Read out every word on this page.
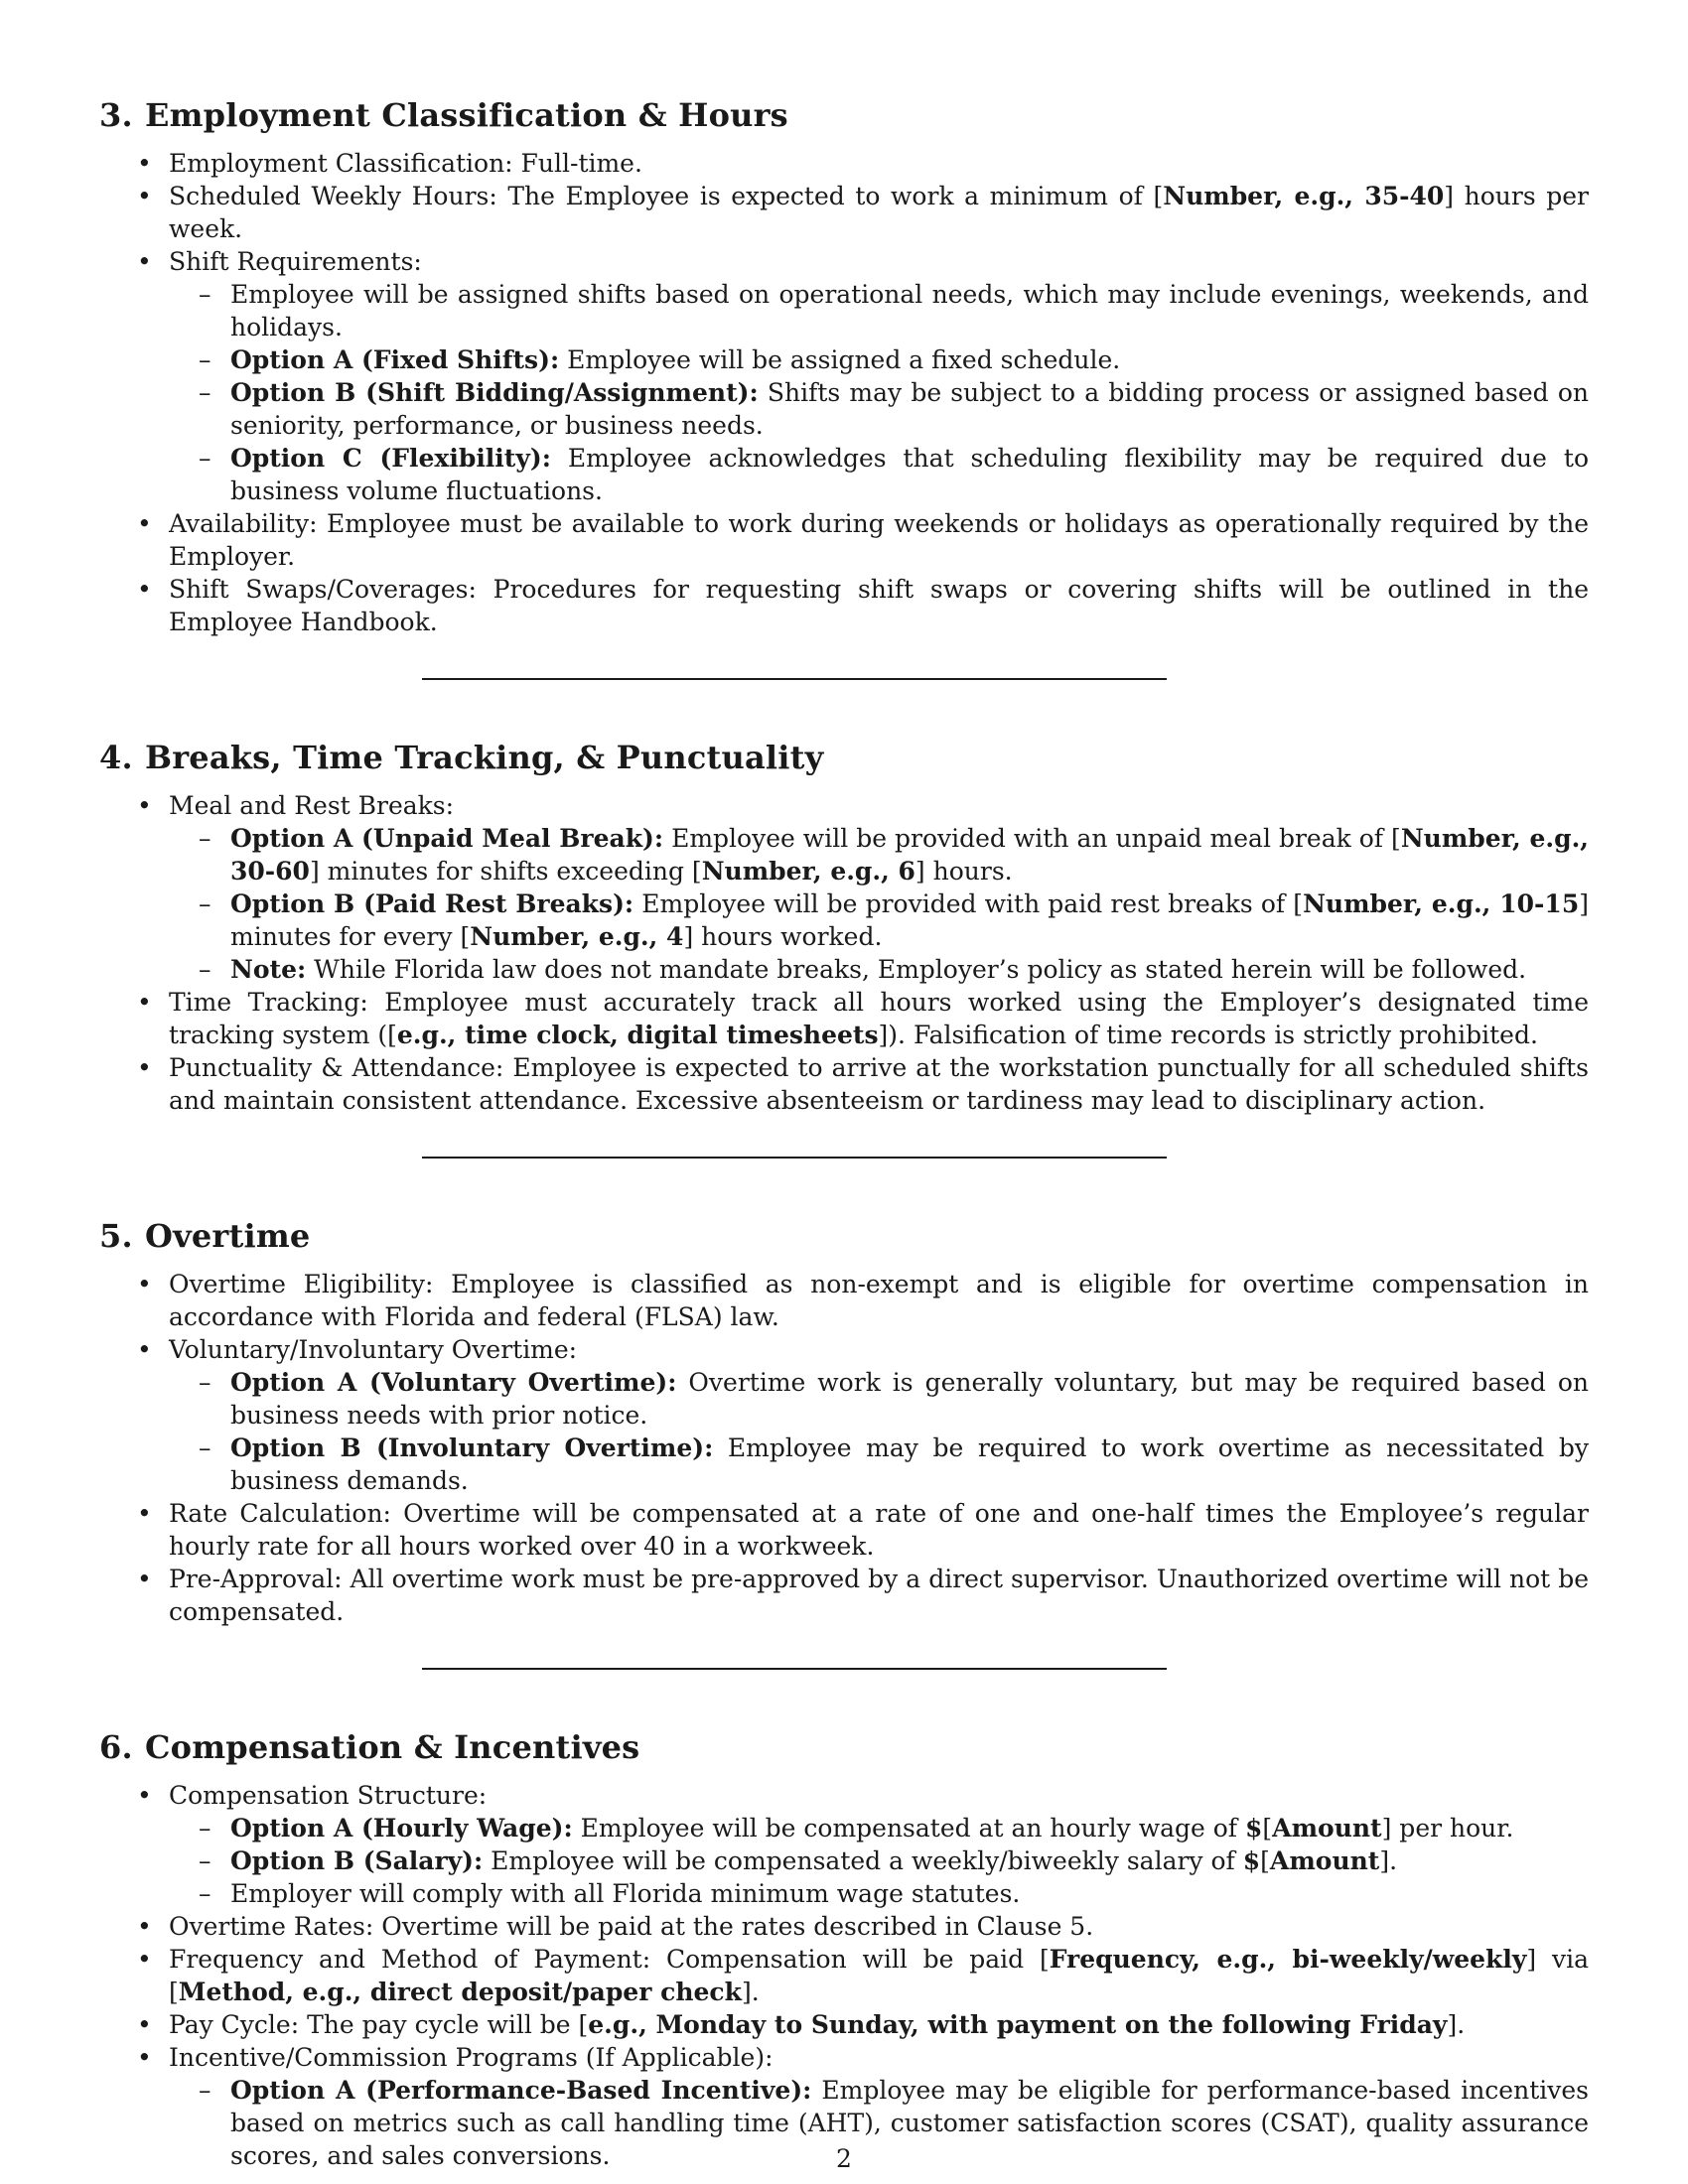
3. Employment Classification & Hours
• Employment Classification: Full-time.
• Scheduled Weekly Hours: The Employee is expected to work a minimum of [Number, e.g., 35-40] hours per week.
• Shift Requirements:
– Employee will be assigned shifts based on operational needs, which may include evenings, weekends, and holidays.
– Option A (Fixed Shifts): Employee will be assigned a fixed schedule.
– Option B (Shift Bidding/Assignment): Shifts may be subject to a bidding process or assigned based on seniority, performance, or business needs.
– Option C (Flexibility): Employee acknowledges that scheduling flexibility may be required due to business volume fluctuations.
• Availability: Employee must be available to work during weekends or holidays as operationally required by the Employer.
• Shift Swaps/Coverages: Procedures for requesting shift swaps or covering shifts will be outlined in the Employee Handbook.
4. Breaks, Time Tracking, & Punctuality
• Meal and Rest Breaks:
– Option A (Unpaid Meal Break): Employee will be provided with an unpaid meal break of [Number, e.g., 30-60] minutes for shifts exceeding [Number, e.g., 6] hours.
– Option B (Paid Rest Breaks): Employee will be provided with paid rest breaks of [Number, e.g., 10-15] minutes for every [Number, e.g., 4] hours worked.
– Note: While Florida law does not mandate breaks, Employer’s policy as stated herein will be followed.
• Time Tracking: Employee must accurately track all hours worked using the Employer’s designated time tracking system ([e.g., time clock, digital timesheets]). Falsification of time records is strictly prohibited.
• Punctuality & Attendance: Employee is expected to arrive at the workstation punctually for all scheduled shifts and maintain consistent attendance. Excessive absenteeism or tardiness may lead to disciplinary action.
5. Overtime
• Overtime Eligibility: Employee is classified as non-exempt and is eligible for overtime compensation in accordance with Florida and federal (FLSA) law.
• Voluntary/Involuntary Overtime:
– Option A (Voluntary Overtime): Overtime work is generally voluntary, but may be required based on business needs with prior notice.
– Option B (Involuntary Overtime): Employee may be required to work overtime as necessitated by business demands.
• Rate Calculation: Overtime will be compensated at a rate of one and one-half times the Employee’s regular hourly rate for all hours worked over 40 in a workweek.
• Pre-Approval: All overtime work must be pre-approved by a direct supervisor. Unauthorized overtime will not be compensated.
6. Compensation & Incentives
• Compensation Structure:
– Option A (Hourly Wage): Employee will be compensated at an hourly wage of $[Amount] per hour.
– Option B (Salary): Employee will be compensated a weekly/biweekly salary of $[Amount].
– Employer will comply with all Florida minimum wage statutes.
• Overtime Rates: Overtime will be paid at the rates described in Clause 5.
• Frequency and Method of Payment: Compensation will be paid [Frequency, e.g., bi-weekly/weekly] via [Method, e.g., direct deposit/paper check].
• Pay Cycle: The pay cycle will be [e.g., Monday to Sunday, with payment on the following Friday].
• Incentive/Commission Programs (If Applicable):
– Option A (Performance-Based Incentive): Employee may be eligible for performance-based incentives based on metrics such as call handling time (AHT), customer satisfaction scores (CSAT), quality assurance scores, and sales conversions.	2
